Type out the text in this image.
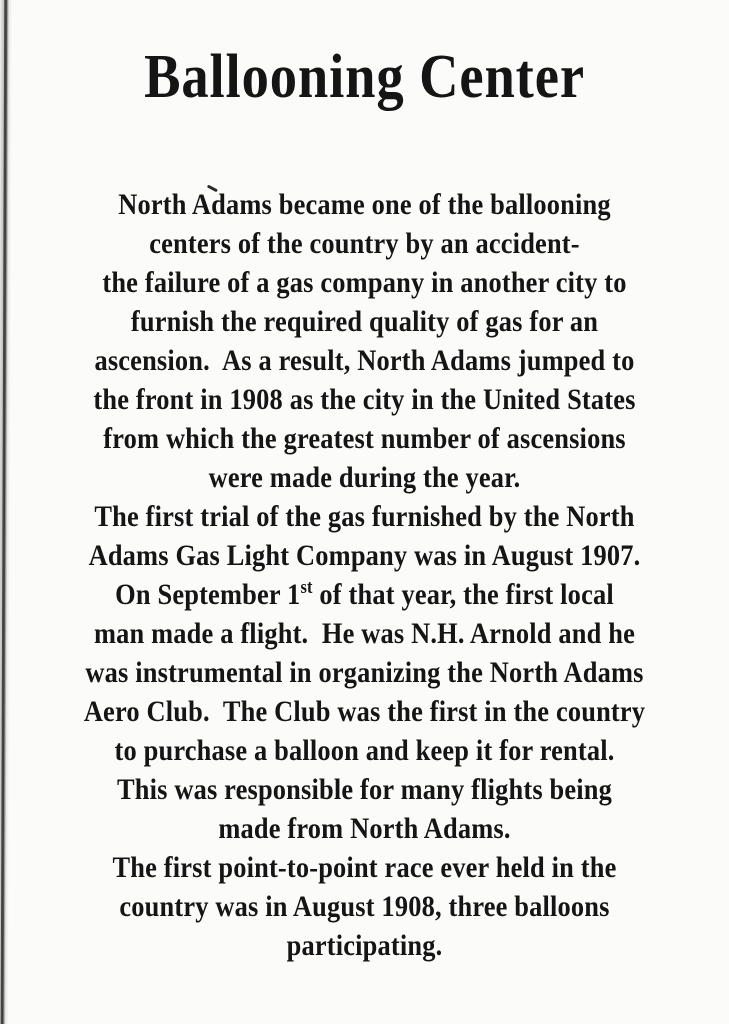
Ballooning Center
North Adams became one of the ballooning
centers of the country by an accident-
the failure of a gas company in another city to
furnish the required quality of gas for an
ascension.  As a result, North Adams jumped to
the front in 1908 as the city in the United States
from which the greatest number of ascensions
were made during the year.
The first trial of the gas furnished by the North
Adams Gas Light Company was in August 1907.
On September 1st of that year, the first local
man made a flight.  He was N.H. Arnold and he
was instrumental in organizing the North Adams
Aero Club.  The Club was the first in the country
to purchase a balloon and keep it for rental.
This was responsible for many flights being
made from North Adams.
The first point-to-point race ever held in the
country was in August 1908, three balloons
participating.
